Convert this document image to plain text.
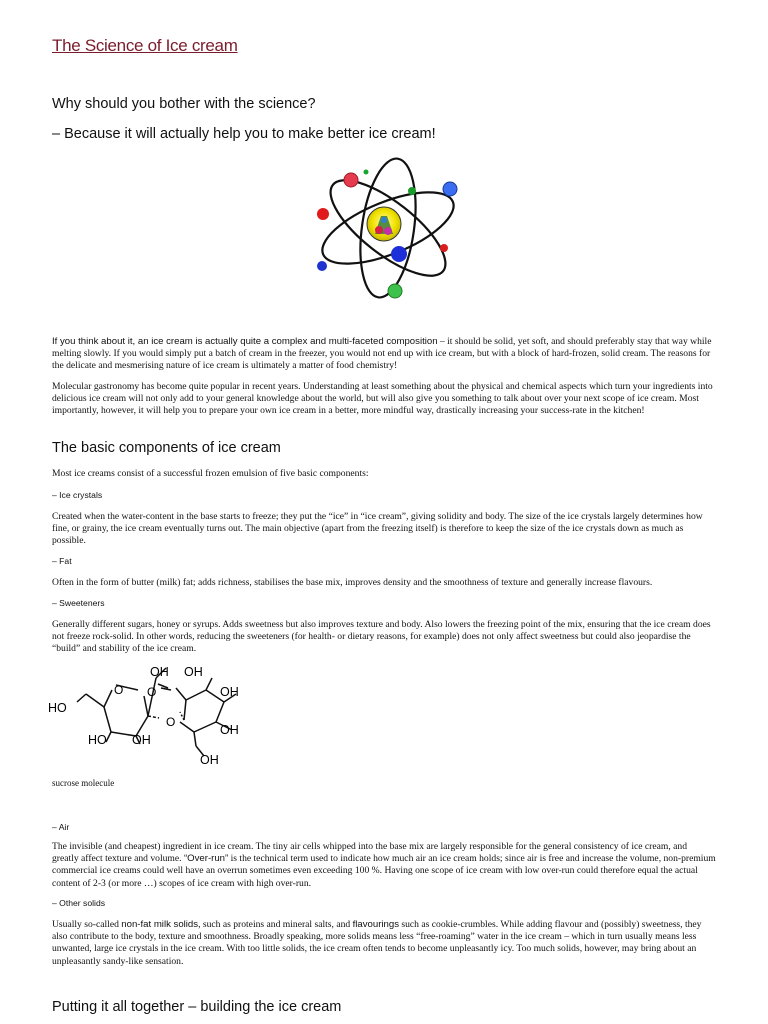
The Science of Ice cream
Why should you bother with the science?
– Because it will actually help you to make better ice cream!
If you think about it, an ice cream is actually quite a complex and multi-faceted composition – it should be solid, yet soft, and should preferably stay that way while melting slowly. If you would simply put a batch of cream in the freezer, you would not end up with ice cream, but with a block of hard-frozen, solid cream. The reasons for the delicate and mesmerising nature of ice cream is ultimately a matter of food chemistry!
Molecular gastronomy has become quite popular in recent years. Understanding at least something about the physical and chemical aspects which turn your ingredients into delicious ice cream will not only add to your general knowledge about the world, but will also give you something to talk about over your next scope of ice cream. Most importantly, however, it will help you to prepare your own ice cream in a better, more mindful way, drastically increasing your success-rate in the kitchen!
The basic components of ice cream
Most ice creams consist of a successful frozen emulsion of five basic components:
– Ice crystals
Created when the water-content in the base starts to freeze; they put the “ice” in “ice cream”, giving solidity and body. The size of the ice crystals largely determines how fine, or grainy, the ice cream eventually turns out. The main objective (apart from the freezing itself) is therefore to keep the size of the ice crystals down as much as possible.
– Fat
Often in the form of butter (milk) fat; adds richness, stabilises the base mix, improves density and the smoothness of texture and generally increase flavours.
– Sweeteners
Generally different sugars, honey or syrups. Adds sweetness but also improves texture and body. Also lowers the freezing point of the mix, ensuring that the ice cream does not freeze rock-solid. In other words, reducing the sweeteners (for health- or dietary reasons, for example) does not only affect sweetness but could also jeopardise the “build” and stability of the ice cream.
OH OH
OH
OH
OH
HO
HO OH
O O
O
sucrose molecule
– Air
The invisible (and cheapest) ingredient in ice cream. The tiny air cells whipped into the base mix are largely responsible for the general consistency of ice cream, and greatly affect texture and volume. “Over-run” is the technical term used to indicate how much air an ice cream holds; since air is free and increase the volume, non-premium commercial ice creams could well have an overrun sometimes even exceeding 100 %. Having one scope of ice cream with low over-run could therefore equal the actual content of 2-3 (or more …) scopes of ice cream with high over-run.
– Other solids
Usually so-called non-fat milk solids, such as proteins and mineral salts, and flavourings such as cookie-crumbles. While adding flavour and (possibly) sweetness, they also contribute to the body, texture and smoothness. Broadly speaking, more solids means less “free-roaming” water in the ice cream – which in turn usually means less unwanted, large ice crystals in the ice cream. With too little solids, the ice cream often tends to become unpleasantly icy. Too much solids, however, may bring about an unpleasantly sandy-like sensation.
Putting it all together – building the ice cream
